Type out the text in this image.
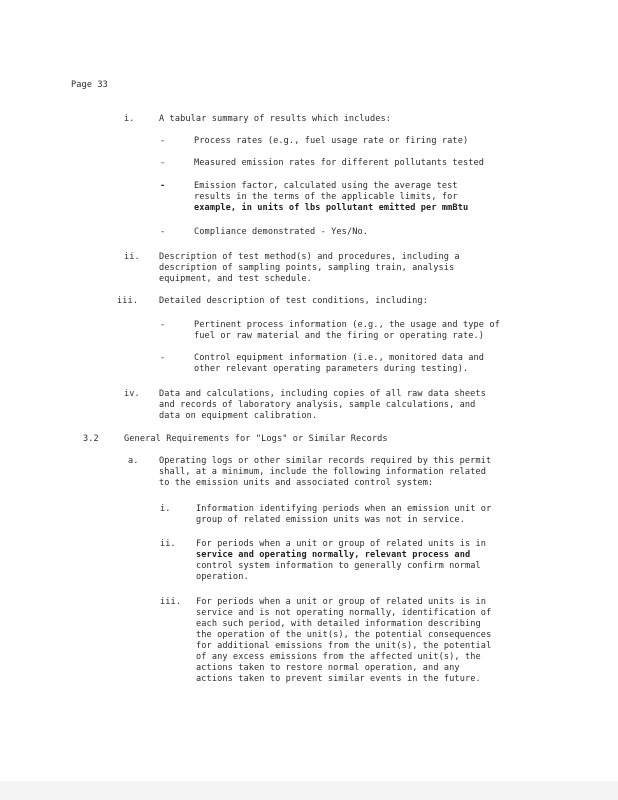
Page 33
i.	A tabular summary of results which includes:
-	Process rates (e.g., fuel usage rate or firing rate)
-	Measured emission rates for different pollutants tested
-	Emission factor, calculated using the average test
results in the terms of the applicable limits, for
example, in units of lbs pollutant emitted per mmBtu
-	Compliance demonstrated - Yes/No.
ii. Description of test method(s) and procedures, including a
description of sampling points, sampling train, analysis
equipment, and test schedule.
iii. Detailed description of test conditions, including:
-	Pertinent process information (e.g., the usage and type of
fuel or raw material and the firing or operating rate.)
-	Control equipment information (i.e., monitored data and
other relevant operating parameters during testing).
iv. Data and calculations, including copies of all raw data sheets
and records of laboratory analysis, sample calculations, and
data on equipment calibration.
3.2	General Requirements for "Logs" or Similar Records
a. Operating logs or other similar records required by this permit
shall, at a minimum, include the following information related
to the emission units and associated control system:
i.	Information identifying periods when an emission unit or
group of related emission units was not in service.
ii. For periods when a unit or group of related units is in
service and operating normally, relevant process and
control system information to generally confirm normal
operation.
iii. For periods when a unit or group of related units is in
service and is not operating normally, identification of
each such period, with detailed information describing
the operation of the unit(s), the potential consequences
for additional emissions from the unit(s), the potential
of any excess emissions from the affected unit(s), the
actions taken to restore normal operation, and any
actions taken to prevent similar events in the future.
